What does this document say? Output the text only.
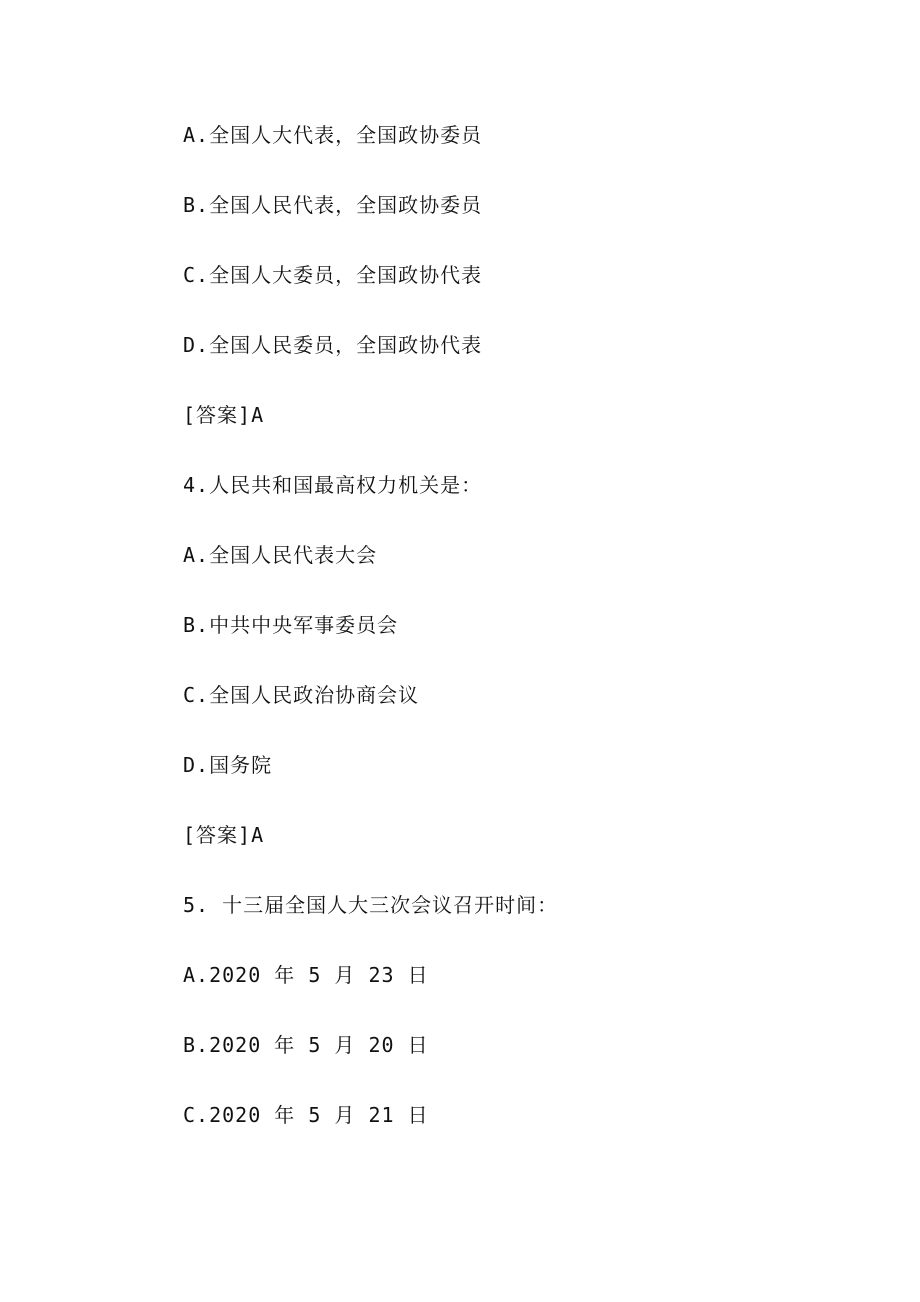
A.全国人大代表，全国政协委员
B.全国人民代表，全国政协委员
C.全国人大委员，全国政协代表
D.全国人民委员，全国政协代表
[答案]A
4.人民共和国最高权力机关是：
A.全国人民代表大会
B.中共中央军事委员会
C.全国人民政治协商会议
D.国务院
[答案]A
5. 十三届全国人大三次会议召开时间：
A.2020 年 5 月 23 日
B.2020 年 5 月 20 日
C.2020 年 5 月 21 日
